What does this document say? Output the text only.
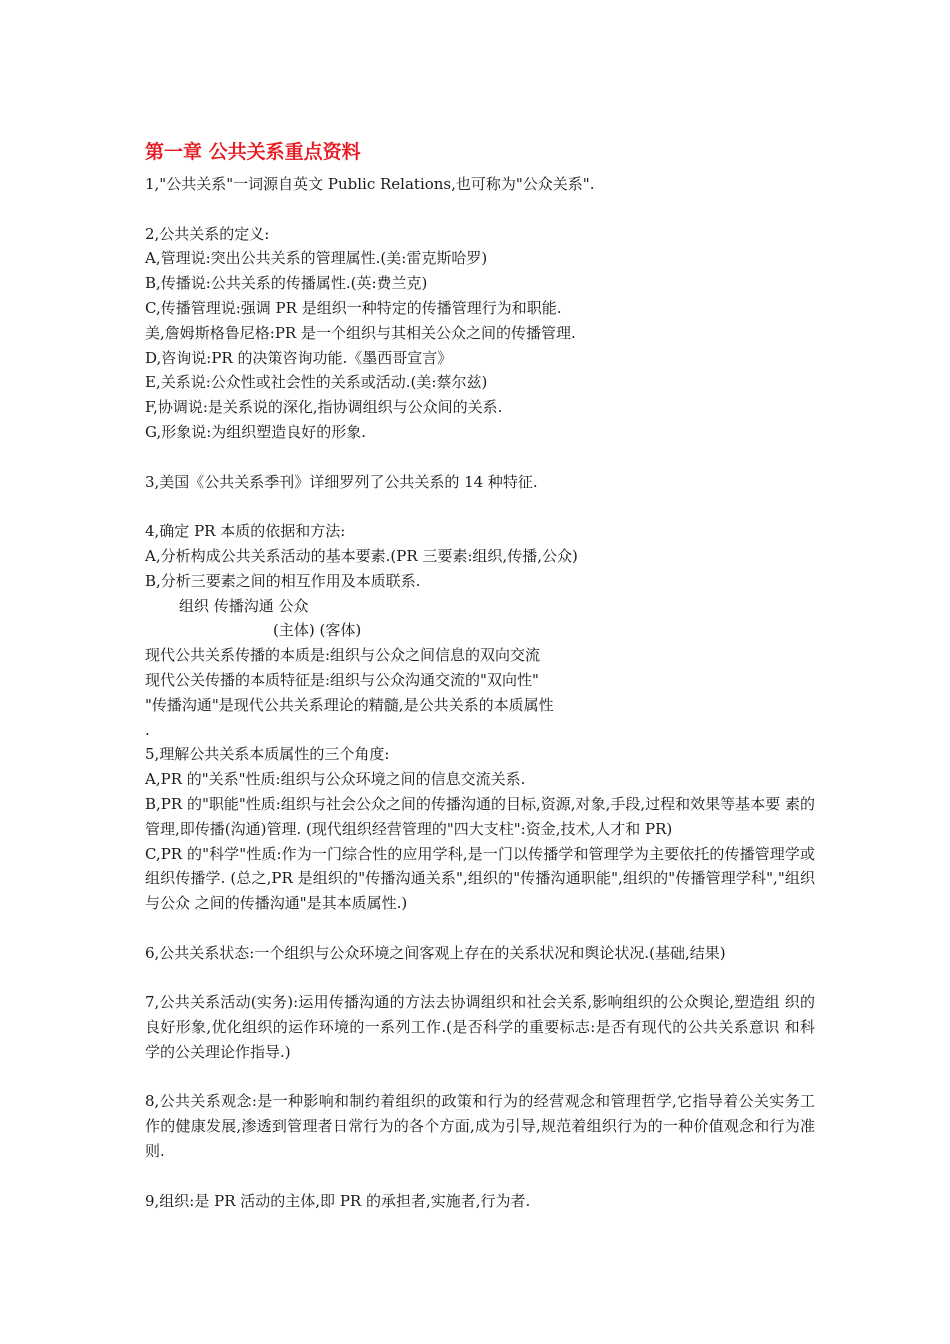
第一章 公共关系重点资料
1,"公共关系"一词源自英文 Public Relations,也可称为"公众关系".
2,公共关系的定义:
A,管理说:突出公共关系的管理属性.(美:雷克斯哈罗)
B,传播说:公共关系的传播属性.(英:费兰克)
C,传播管理说:强调 PR 是组织一种特定的传播管理行为和职能.
美,詹姆斯格鲁尼格:PR 是一个组织与其相关公众之间的传播管理.
D,咨询说:PR 的决策咨询功能.《墨西哥宣言》
E,关系说:公众性或社会性的关系或活动.(美:蔡尔兹)
F,协调说:是关系说的深化,指协调组织与公众间的关系.
G,形象说:为组织塑造良好的形象.
3,美国《公共关系季刊》详细罗列了公共关系的 14 种特征.
4,确定 PR 本质的依据和方法:
A,分析构成公共关系活动的基本要素.(PR 三要素:组织,传播,公众)
B,分析三要素之间的相互作用及本质联系.
组织 传播沟通 公众
(主体) (客体)
现代公共关系传播的本质是:组织与公众之间信息的双向交流
现代公关传播的本质特征是:组织与公众沟通交流的"双向性"
"传播沟通"是现代公共关系理论的精髓,是公共关系的本质属性
.
5,理解公共关系本质属性的三个角度:
A,PR 的"关系"性质:组织与公众环境之间的信息交流关系.
B,PR 的"职能"性质:组织与社会公众之间的传播沟通的目标,资源,对象,手段,过程和效果等基本要 素的管理,即传播(沟通)管理. (现代组织经营管理的"四大支柱":资金,技术,人才和 PR)
C,PR 的"科学"性质:作为一门综合性的应用学科,是一门以传播学和管理学为主要依托的传播管理学或 组织传播学. (总之,PR 是组织的"传播沟通关系",组织的"传播沟通职能",组织的"传播管理学科","组织与公众 之间的传播沟通"是其本质属性.)
6,公共关系状态:一个组织与公众环境之间客观上存在的关系状况和舆论状况.(基础,结果)
7,公共关系活动(实务):运用传播沟通的方法去协调组织和社会关系,影响组织的公众舆论,塑造组 织的良好形象,优化组织的运作环境的一系列工作.(是否科学的重要标志:是否有现代的公共关系意识 和科学的公关理论作指导.)
8,公共关系观念:是一种影响和制约着组织的政策和行为的经营观念和管理哲学,它指导着公关实务工 作的健康发展,渗透到管理者日常行为的各个方面,成为引导,规范着组织行为的一种价值观念和行为准 则.
9,组织:是 PR 活动的主体,即 PR 的承担者,实施者,行为者.
